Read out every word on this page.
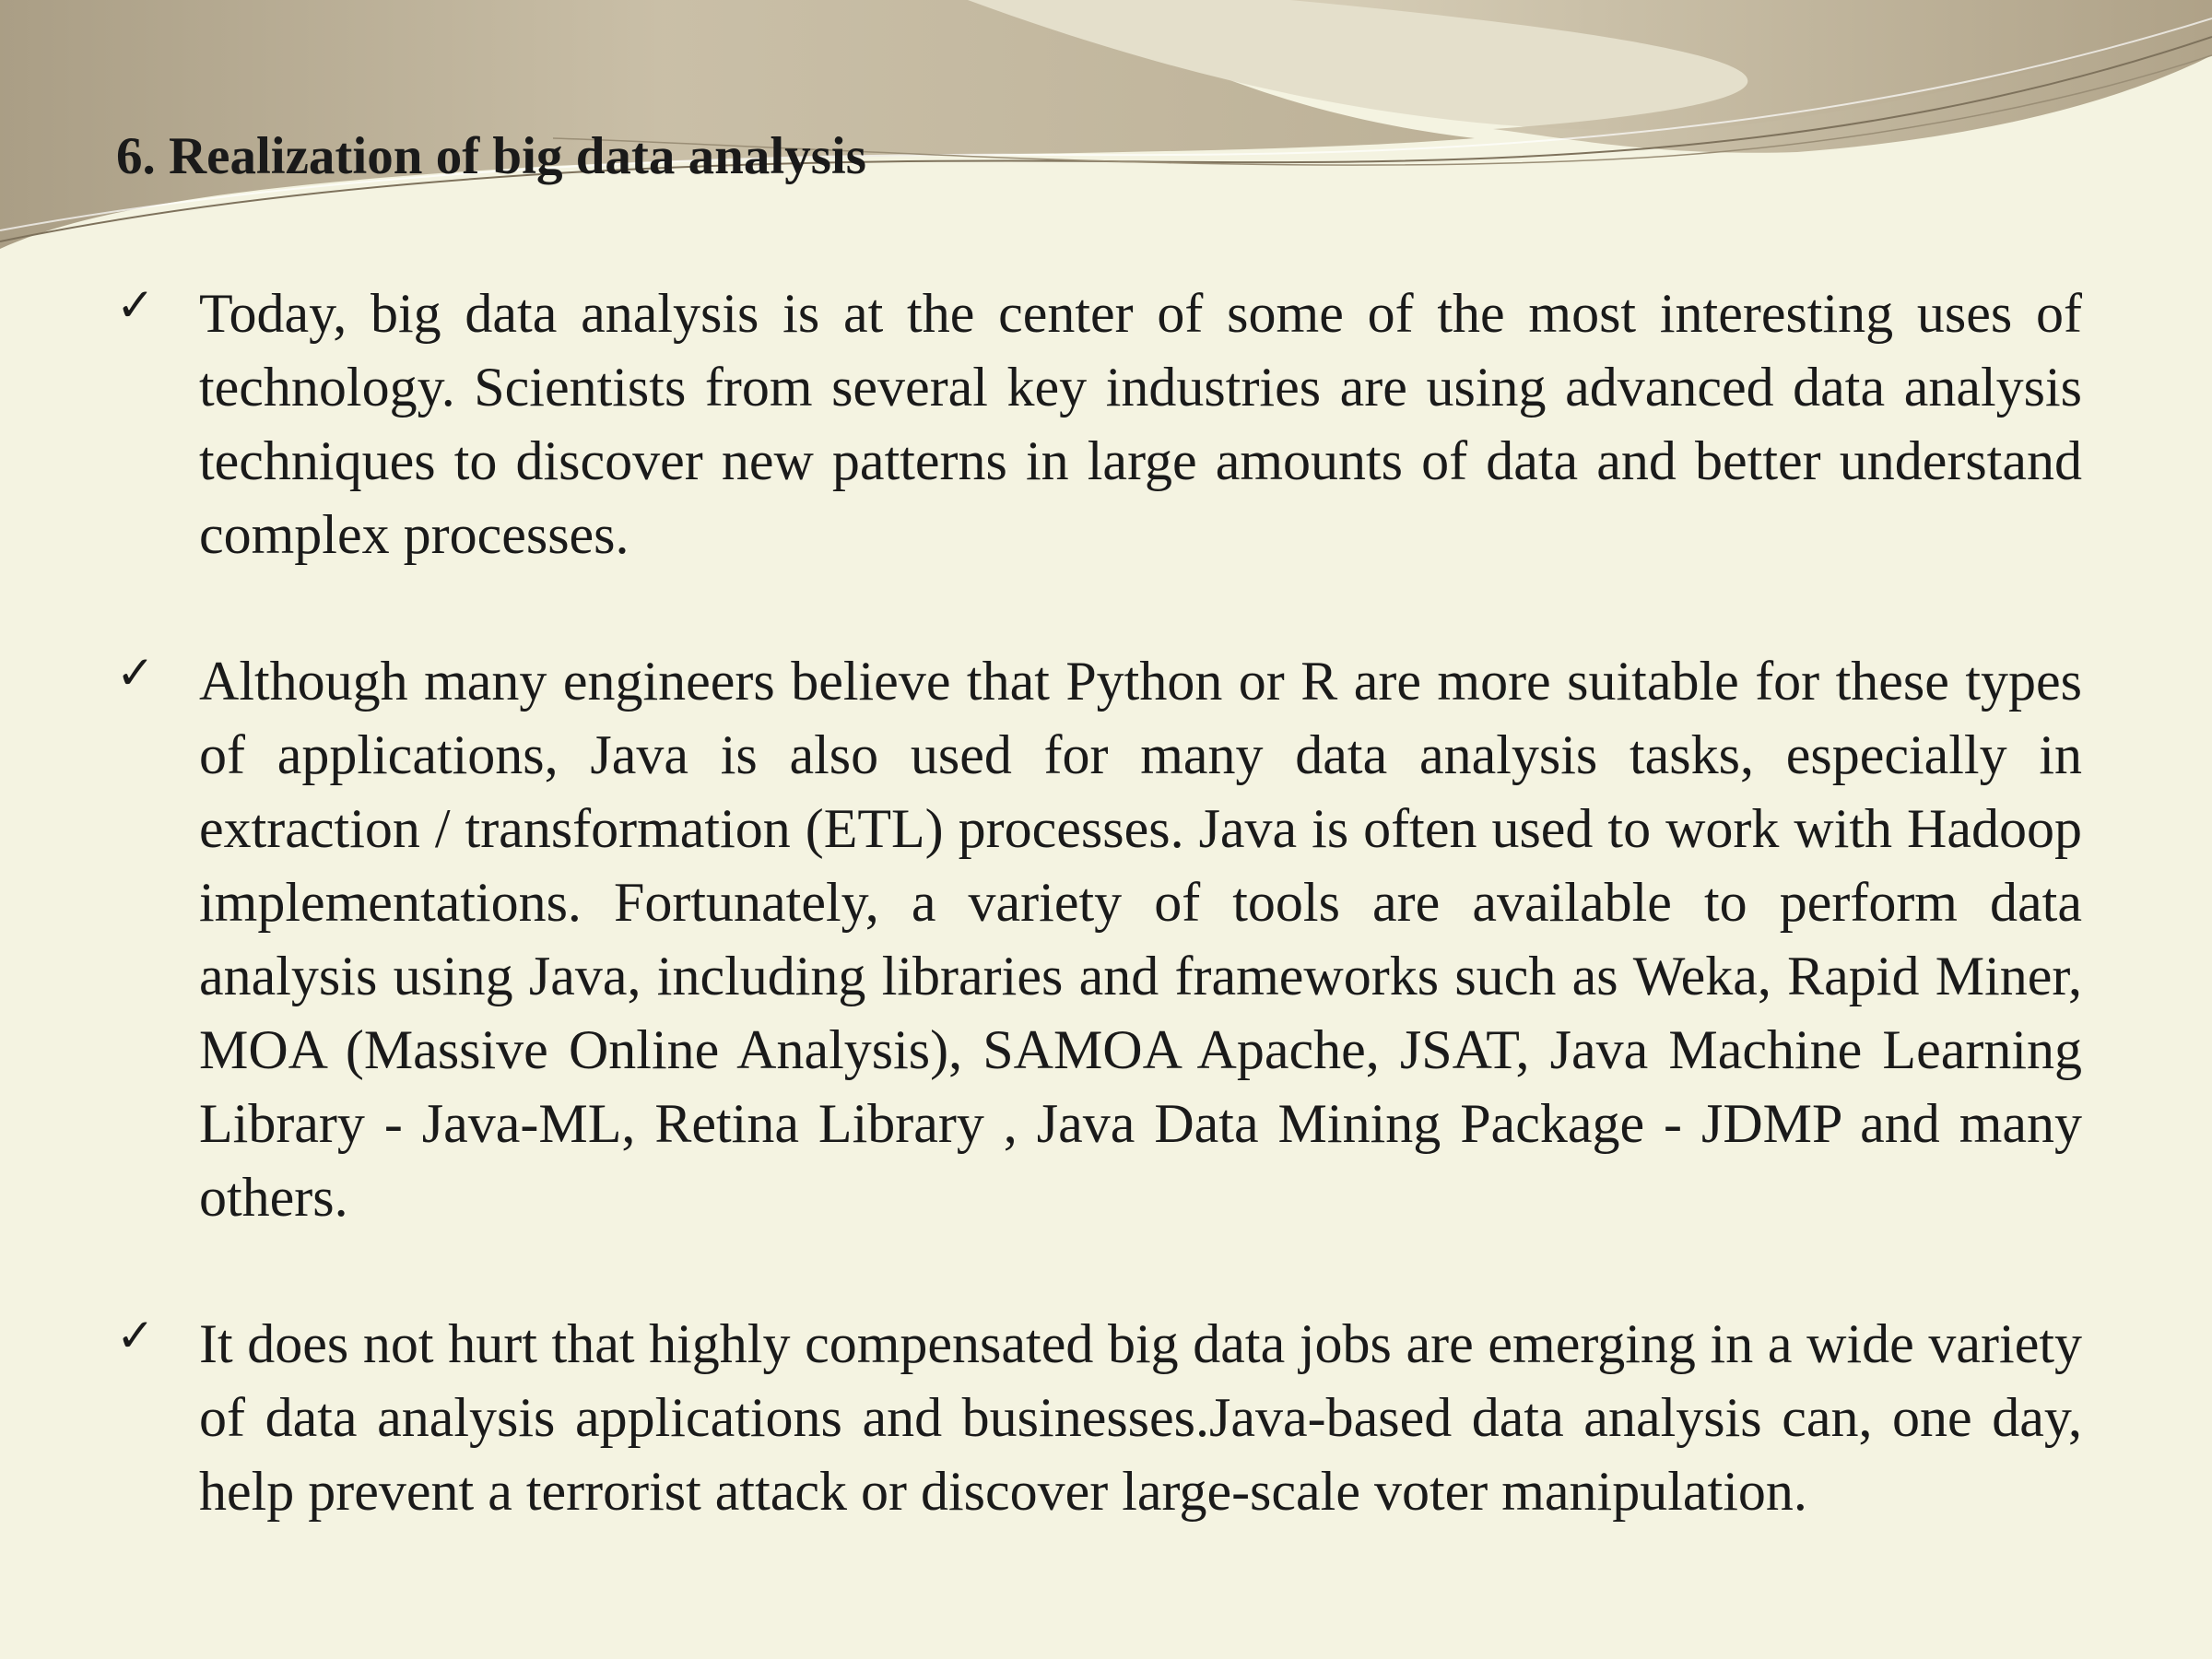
6. Realization of big data analysis
✓ Today, big data analysis is at the center of some of the most interesting uses of technology. Scientists from several key industries are using advanced data analysis techniques to discover new patterns in large amounts of data and better understand complex processes.

✓ Although many engineers believe that Python or R are more suitable for these types of applications, Java is also used for many data analysis tasks, especially in extraction / transformation (ETL) processes. Java is often used to work with Hadoop implementations. Fortunately, a variety of tools are available to perform data analysis using Java, including libraries and frameworks such as Weka, Rapid Miner, MOA (Massive Online Analysis), SAMOA Apache, JSAT, Java Machine Learning Library - Java-ML, Retina Library , Java Data Mining Package - JDMP and many others.

✓ It does not hurt that highly compensated big data jobs are emerging in a wide variety of data analysis applications and businesses.Java-based data analysis can, one day, help prevent a terrorist attack or discover large-scale voter manipulation.
